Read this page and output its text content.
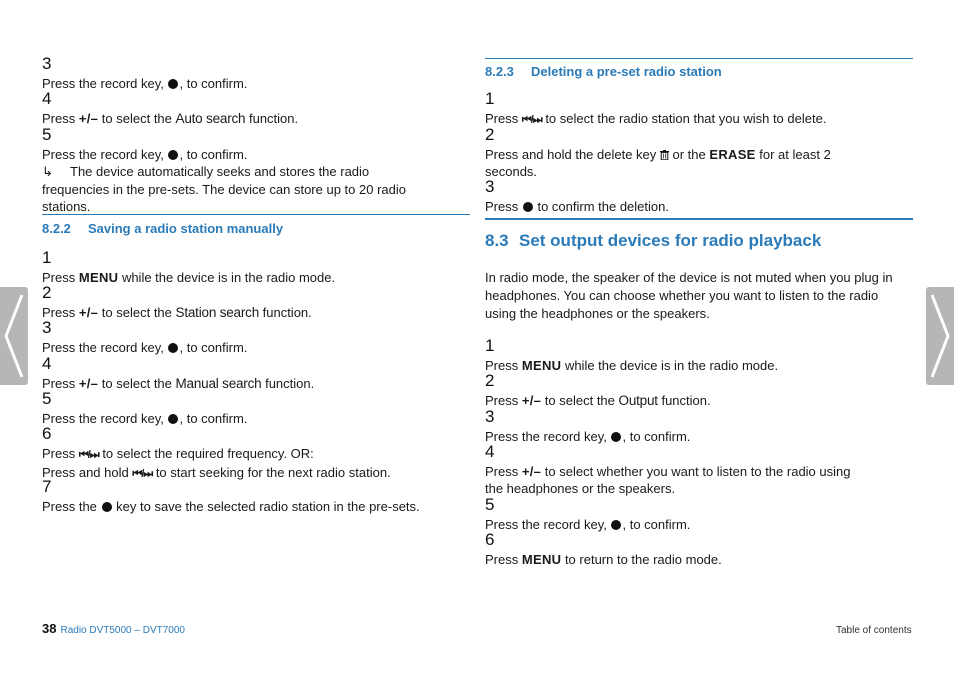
3
Press the record key, , to confirm.
4
Press +/– to select the Auto search function.
5
Press the record key, , to confirm.
↳ The device automatically seeks and stores the radio
frequencies in the pre-sets. The device can store up to 20 radio
stations.
8.2.2 Saving a radio station manually
1
Press MENU while the device is in the radio mode.
2
Press +/– to select the Station search function.
3
Press the record key, , to confirm.
4
Press +/– to select the Manual search function.
5
Press the record key, , to confirm.
6
Press ⏮/⏭ to select the required frequency. OR:
Press and hold ⏮/⏭ to start seeking for the next radio station.
7
Press the  key to save the selected radio station in the pre-sets.
8.2.3 Deleting a pre-set radio station
1
Press ⏮/⏭ to select the radio station that you wish to delete.
2
Press and hold the delete key  or the ERASE for at least 2
seconds.
3
Press  to confirm the deletion.
8.3 Set output devices for radio playback
In radio mode, the speaker of the device is not muted when you plug in
headphones. You can choose whether you want to listen to the radio
using the headphones or the speakers.
1
Press MENU while the device is in the radio mode.
2
Press +/– to select the Output function.
3
Press the record key, , to confirm.
4
Press +/– to select whether you want to listen to the radio using
the headphones or the speakers.
5
Press the record key, , to confirm.
6
Press MENU to return to the radio mode.
38 Radio DVT5000 – DVT7000	Table of contents
